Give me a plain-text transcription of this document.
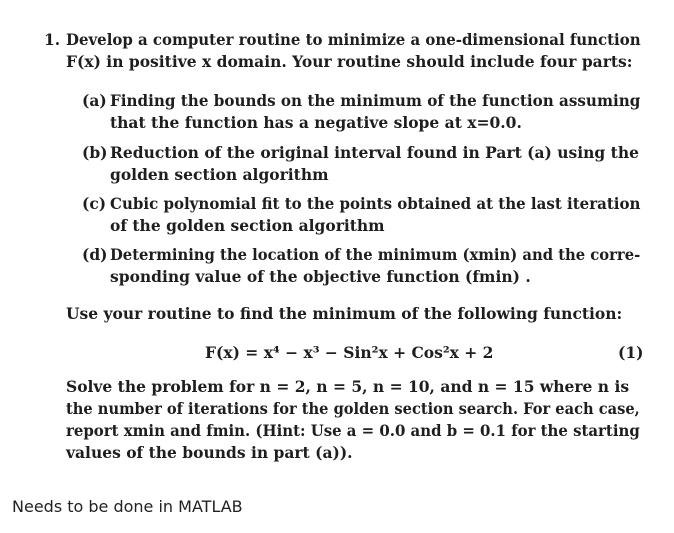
1. Develop a computer routine to minimize a one-dimensional function
F(x) in positive x domain. Your routine should include four parts:
(a) Finding the bounds on the minimum of the function assuming
that the function has a negative slope at x=0.0.
(b) Reduction of the original interval found in Part (a) using the
golden section algorithm
(c) Cubic polynomial fit to the points obtained at the last iteration
of the golden section algorithm
(d) Determining the location of the minimum (xmin) and the corre-
sponding value of the objective function (fmin) .
Use your routine to find the minimum of the following function:
F(x) = x⁴ − x³ − Sin²x + Cos²x + 2	(1)
Solve the problem for n = 2, n = 5, n = 10, and n = 15 where n is
the number of iterations for the golden section search. For each case,
report xmin and fmin. (Hint: Use a = 0.0 and b = 0.1 for the starting
values of the bounds in part (a)).
Needs to be done in MATLAB
